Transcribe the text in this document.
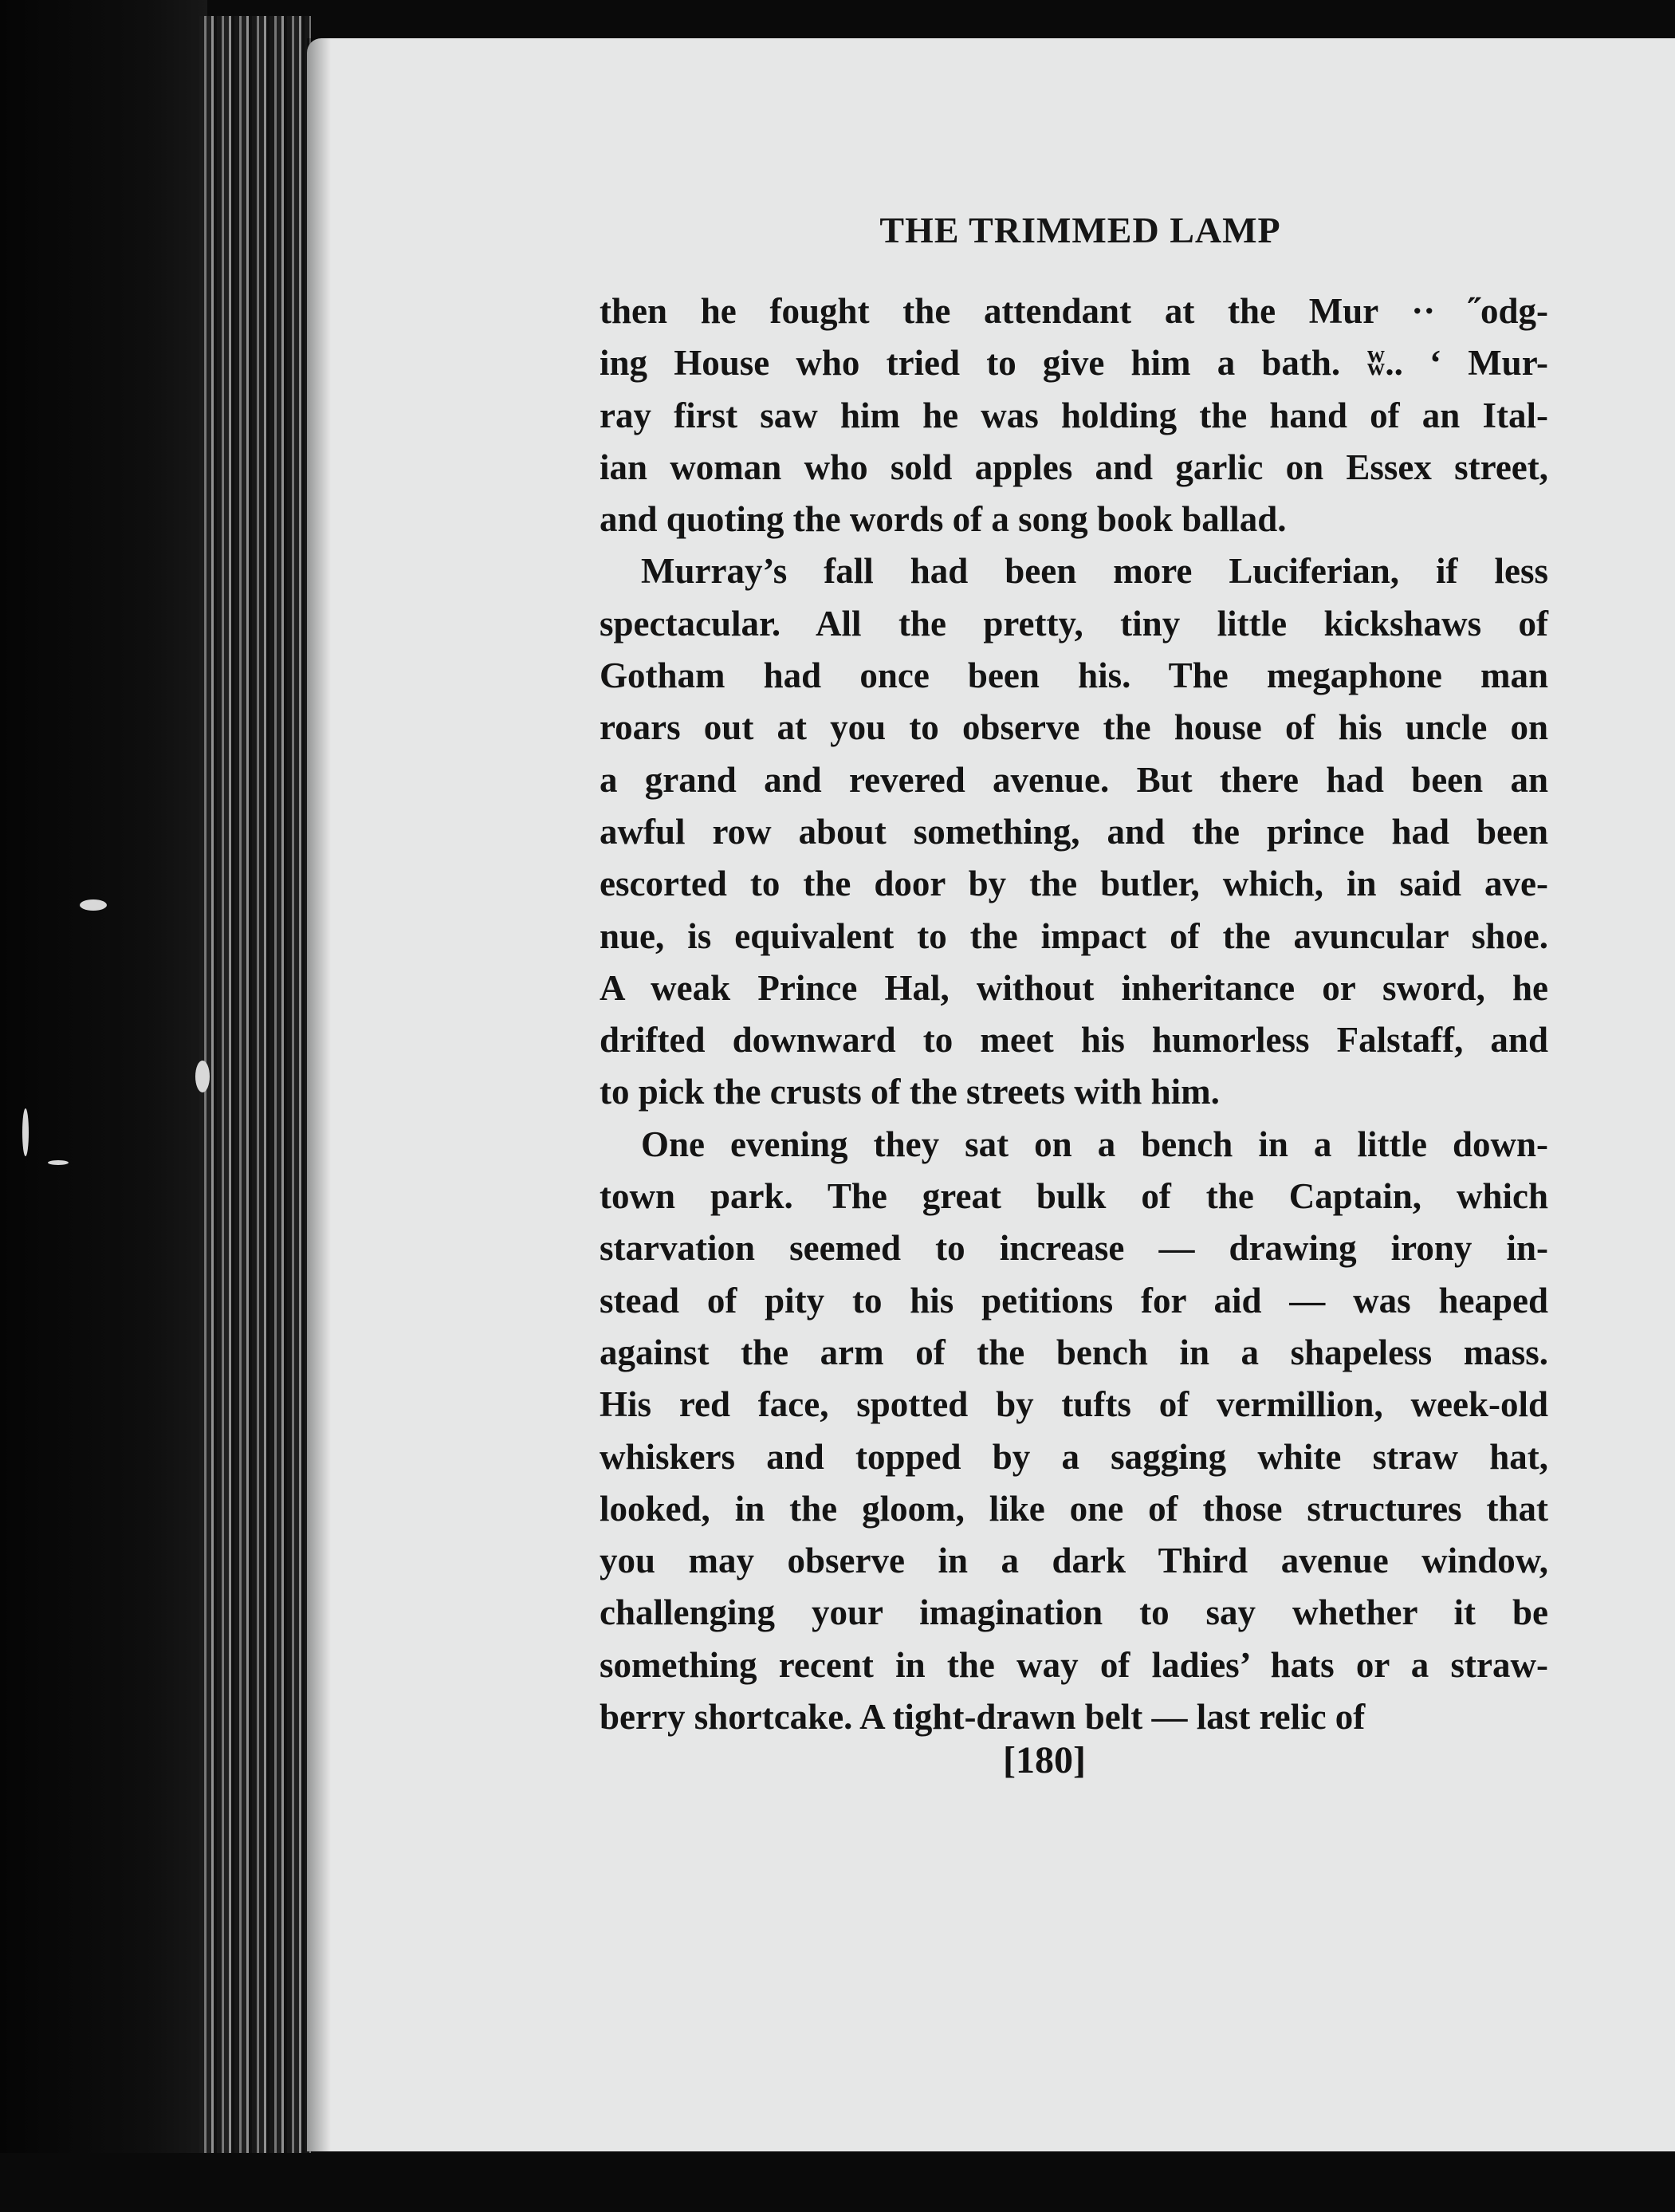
THE TRIMMED LAMP
then he fought the attendant at the Mur ·· ˝odg-
ing House who tried to give him a bath. ʬ.. ‘ Mur-
ray first saw him he was holding the hand of an Ital-
ian woman who sold apples and garlic on Essex street,
and quoting the words of a song book ballad.
Murray’s fall had been more Luciferian, if less
spectacular. All the pretty, tiny little kickshaws of
Gotham had once been his. The megaphone man
roars out at you to observe the house of his uncle on
a grand and revered avenue. But there had been an
awful row about something, and the prince had been
escorted to the door by the butler, which, in said ave-
nue, is equivalent to the impact of the avuncular shoe.
A weak Prince Hal, without inheritance or sword, he
drifted downward to meet his humorless Falstaff, and
to pick the crusts of the streets with him.
One evening they sat on a bench in a little down-
town park. The great bulk of the Captain, which
starvation seemed to increase — drawing irony in-
stead of pity to his petitions for aid — was heaped
against the arm of the bench in a shapeless mass.
His red face, spotted by tufts of vermillion, week-old
whiskers and topped by a sagging white straw hat,
looked, in the gloom, like one of those structures that
you may observe in a dark Third avenue window,
challenging your imagination to say whether it be
something recent in the way of ladies’ hats or a straw-
berry shortcake. A tight-drawn belt — last relic of

[180]
